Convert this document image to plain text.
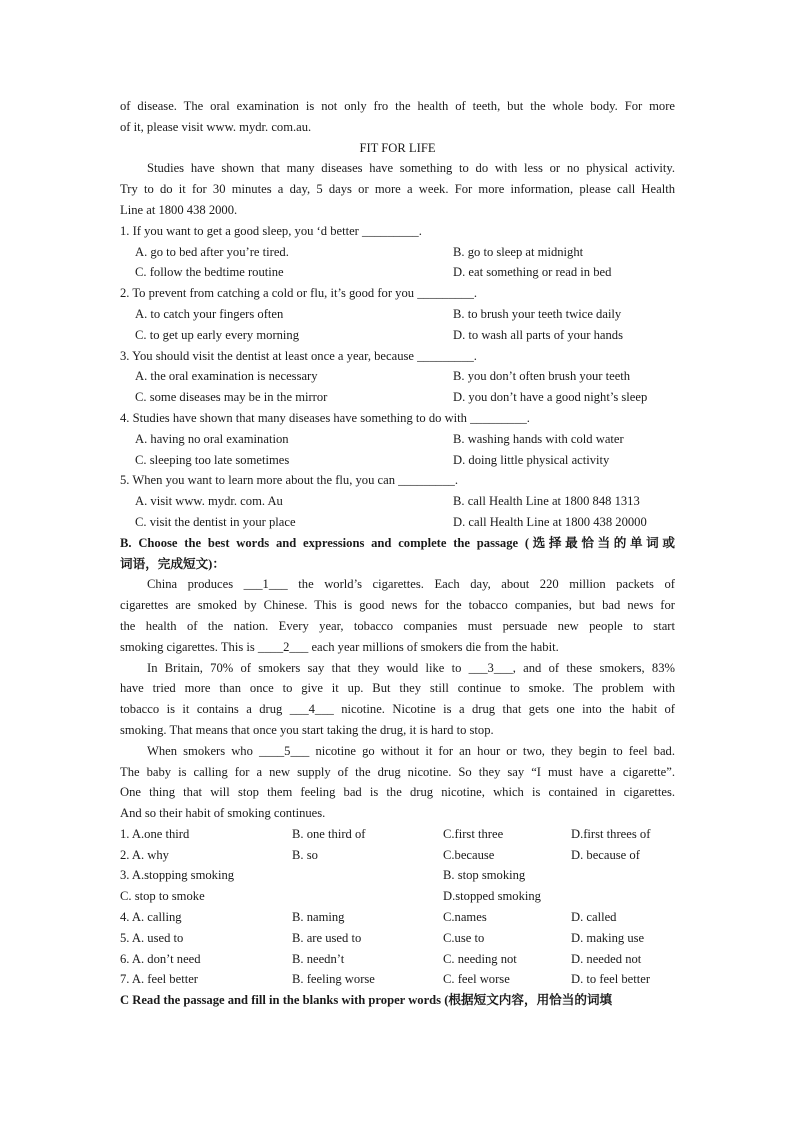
of disease. The oral examination is not only fro the health of teeth, but the whole body. For more
of it, please visit www. mydr. com.au.
FIT FOR LIFE
Studies have shown that many diseases have something to do with less or no physical activity.
Try to do it for 30 minutes a day, 5 days or more a week. For more information, please call Health
Line at 1800 438 2000.
1. If you want to get a good sleep, you ‘d better _________.
A. go to bed after you’re tired.	B. go to sleep at midnight
C. follow the bedtime routine	D. eat something or read in bed
2. To prevent from catching a cold or flu, it’s good for you _________.
A. to catch your fingers often	B. to brush your teeth twice daily
C. to get up early every morning	D. to wash all parts of your hands
3. You should visit the dentist at least once a year, because _________.
A. the oral examination is necessary	B. you don’t often brush your teeth
C. some diseases may be in the mirror	D. you don’t have a good night’s sleep
4. Studies have shown that many diseases have something to do with _________.
A. having no oral examination	B. washing hands with cold water
C. sleeping too late sometimes	D. doing little physical activity
5. When you want to learn more about the flu, you can _________.
A. visit www. mydr. com. Au	B. call Health Line at 1800 848 1313
C. visit the dentist in your place	D. call Health Line at 1800 438 20000
B. Choose the best words and expressions and complete the passage (选择最恰当的单词或
词语，完成短文)：
China produces ___1___ the world’s cigarettes. Each day, about 220 million packets of
cigarettes are smoked by Chinese. This is good news for the tobacco companies, but bad news for
the health of the nation. Every year, tobacco companies must persuade new people to start
smoking cigarettes. This is ____2___ each year millions of smokers die from the habit.
In Britain, 70% of smokers say that they would like to ___3___, and of these smokers, 83%
have tried more than once to give it up. But they still continue to smoke. The problem with
tobacco is it contains a drug ___4___ nicotine. Nicotine is a drug that gets one into the habit of
smoking. That means that once you start taking the drug, it is hard to stop.
When smokers who ____5___ nicotine go without it for an hour or two, they begin to feel bad.
The baby is calling for a new supply of the drug nicotine. So they say “I must have a cigarette”.
One thing that will stop them feeling bad is the drug nicotine, which is contained in cigarettes.
And so their habit of smoking continues.
1. A.one third	B. one third of	C.first three	D.first threes of
2. A. why	B. so	C.because	D. because of
3. A.stopping smoking	B. stop smoking
C. stop to smoke	D.stopped smoking
4. A. calling	B. naming	C.names	D. called
5. A. used to	B. are used to	C.use to	D. making use
6. A. don’t need	B. needn’t	C. needing not	D. needed not
7. A. feel better	B. feeling worse	C. feel worse	D. to feel better
C Read the passage and fill in the blanks with proper words (根据短文内容，用恰当的词填
